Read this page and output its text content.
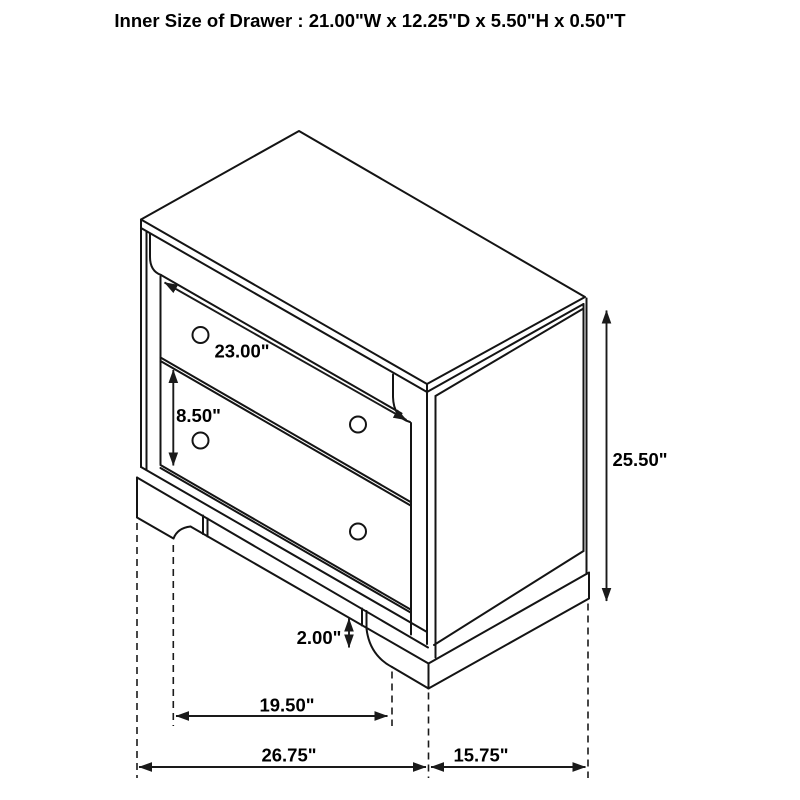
Inner Size of Drawer : 21.00"W x 12.25"D x 5.50"H x 0.50"T
23.00"
8.50"
25.50"
2.00"
19.50"
26.75"	15.75"
